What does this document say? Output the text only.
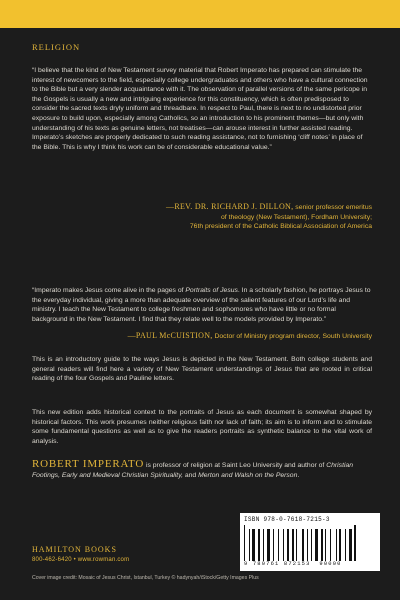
RELIGION
“I believe that the kind of New Testament survey material that Robert Imperato has prepared can stimulate the interest of newcomers to the field, especially college undergraduates and others who have a cultural connection to the Bible but a very slender acquaintance with it. The observation of parallel versions of the same pericope in the Gospels is usually a new and intriguing experience for this constituency, which is often predisposed to consider the sacred texts dryly uniform and threadbare. In respect to Paul, there is next to no undistorted prior exposure to build upon, especially among Catholics, so an introduction to his prominent themes—but only with understanding of his texts as genuine letters, not treatises—can arouse interest in further assisted reading. Imperato’s sketches are properly dedicated to such reading assistance, not to furnishing ‘cliff notes’ in place of the Bible. This is why I think his work can be of considerable educational value.”
—REV. DR. RICHARD J. DILLON, senior professor emeritus
of theology (New Testament), Fordham University;
76th president of the Catholic Biblical Association of America
“Imperato makes Jesus come alive in the pages of Portraits of Jesus. In a scholarly fashion, he portrays Jesus to the everyday individual, giving a more than adequate overview of the salient features of our Lord’s life and ministry. I teach the New Testament to college freshmen and sophomores who have little or no formal background in the New Testament. I find that they relate well to the models provided by Imperato.”
—PAUL McCUISTION, Doctor of Ministry program director, South University
This is an introductory guide to the ways Jesus is depicted in the New Testament. Both college students and general readers will find here a variety of New Testament understandings of Jesus that are rooted in critical reading of the four Gospels and Pauline letters.
This new edition adds historical context to the portraits of Jesus as each document is somewhat shaped by historical factors. This work presumes neither religious faith nor lack of faith; its aim is to inform and to stimulate some fundamental questions as well as to give the readers portraits as synthetic balance to the vital work of analysis.
ROBERT IMPERATO is professor of religion at Saint Leo University and author of Christian Footings, Early and Medieval Christian Spirituality, and Merton and Walsh on the Person.
ISBN 978-0-7618-7215-3
9 780761 872153 90000
HAMILTON BOOKS
800-462-6420 • www.rowman.com
Cover image credit: Mosaic of Jesus Christ, Istanbul, Turkey © hadynyah/iStock/Getty Images Plus
